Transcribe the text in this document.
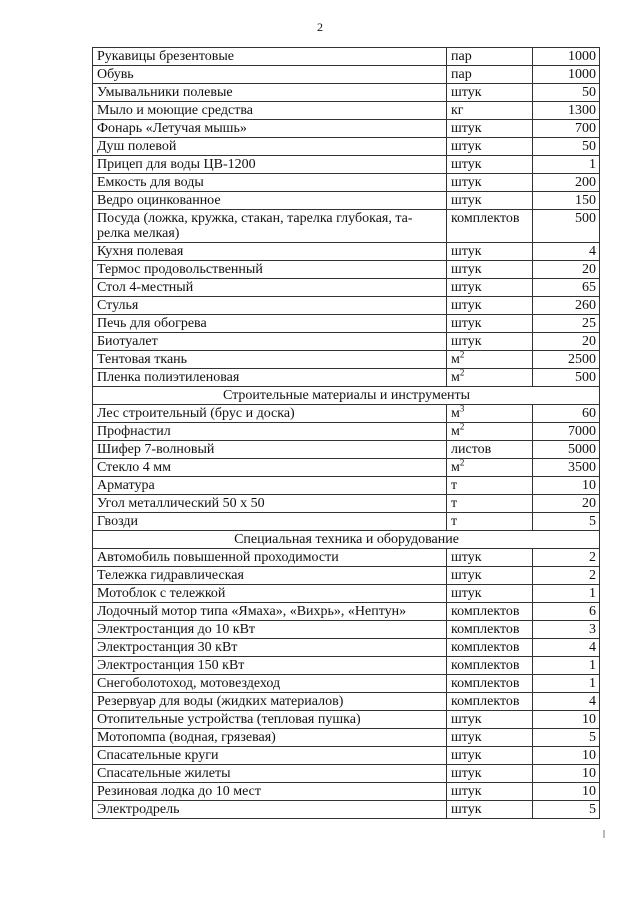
2
Рукавицы брезентовые	пар	1000
Обувь	пар	1000
Умывальники полевые	штук	50
Мыло и моющие средства	кг	1300
Фонарь «Летучая мышь»	штук	700
Душ полевой	штук	50
Прицеп для воды ЦВ-1200	штук	1
Емкость для воды	штук	200
Ведро оцинкованное	штук	150
Посуда (ложка, кружка, стакан, тарелка глубокая, та-
релка мелкая)	комплектов	500
Кухня полевая	штук	4
Термос продовольственный	штук	20
Стол 4-местный	штук	65
Стулья	штук	260
Печь для обогрева	штук	25
Биотуалет	штук	20
Тентовая ткань	$м^2$	2500
Пленка полиэтиленовая	$м^2$	500
Строительные материалы и инструменты		
Лес строительный (брус и доска)	$м^3$	60
Профнастил	$м^2$	7000
Шифер 7-волновый	листов	5000
Стекло 4 мм	$м^2$	3500
Арматура	т	10
Угол металлический 50 х 50	т	20
Гвозди	т	5
Специальная техника и оборудование		
Автомобиль повышенной проходимости	штук	2
Тележка гидравлическая	штук	2
Мотоблок с тележкой	штук	1
Лодочный мотор типа «Ямаха», «Вихрь», «Нептун»	комплектов	6
Электростанция до 10 кВт	комплектов	3
Электростанция 30 кВт	комплектов	4
Электростанция 150 кВт	комплектов	1
Снегоболотоход, мотовездеход	комплектов	1
Резервуар для воды (жидких материалов)	комплектов	4
Отопительные устройства (тепловая пушка)	штук	10
Мотопомпа (водная, грязевая)	штук	5
Спасательные круги	штук	10
Спасательные жилеты	штук	10
Резиновая лодка до 10 мест	штук	10
Электродрель	штук	5
